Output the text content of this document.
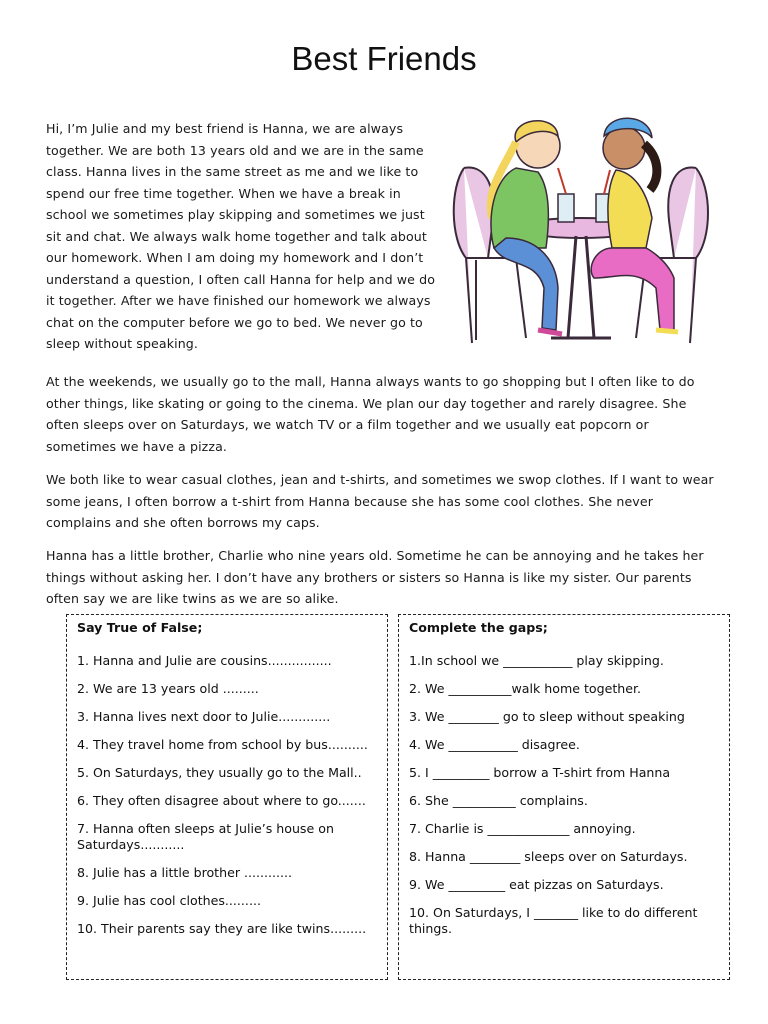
Best Friends
Hi, I’m Julie and my best friend is Hanna, we are always together. We are both 13 years old and we are in the same class. Hanna lives in the same street as me and we like to spend our free time together. When we have a break in school we sometimes play skipping and sometimes we just sit and chat. We always walk home together and talk about our homework. When I am doing my homework and I don’t understand a question, I often call Hanna for help and we do it together. After we have finished our homework we always chat on the computer before we go to bed. We never go to sleep without speaking.
At the weekends, we usually go to the mall, Hanna always wants to go shopping but I often like to do other things, like skating or going to the cinema. We plan our day together and rarely disagree. She often sleeps over on Saturdays, we watch TV or a film together and we usually eat popcorn or sometimes we have a pizza.
We both like to wear casual clothes, jean and t-shirts, and sometimes we swop clothes. If I want to wear some jeans, I often borrow a t-shirt from Hanna because she has some cool clothes. She never complains and she often borrows my caps.
Hanna has a little brother, Charlie who nine years old. Sometime he can be annoying and he takes her things without asking her. I don’t have any brothers or sisters so Hanna is like my sister. Our parents often say we are like twins as we are so alike.
Say True of False;
1. Hanna and Julie are cousins................
2. We are 13 years old .........
3. Hanna lives next door to Julie.............
4. They travel home from school by bus..........
5. On Saturdays, they usually go to the Mall..
6. They often disagree about where to go.......
7. Hanna often sleeps at Julie’s house on Saturdays...........
8. Julie has a little brother ............
9. Julie has cool clothes.........
10. Their parents say they are like twins.........
Complete the gaps;
1.In school we ___________ play skipping.
2. We __________walk home together.
3. We ________ go to sleep without speaking
4. We ___________ disagree.
5. I _________ borrow a T-shirt from Hanna
6. She __________ complains.
7. Charlie is _____________ annoying.
8. Hanna ________ sleeps over on Saturdays.
9. We _________ eat pizzas on Saturdays.
10. On Saturdays, I _______ like to do different things.
